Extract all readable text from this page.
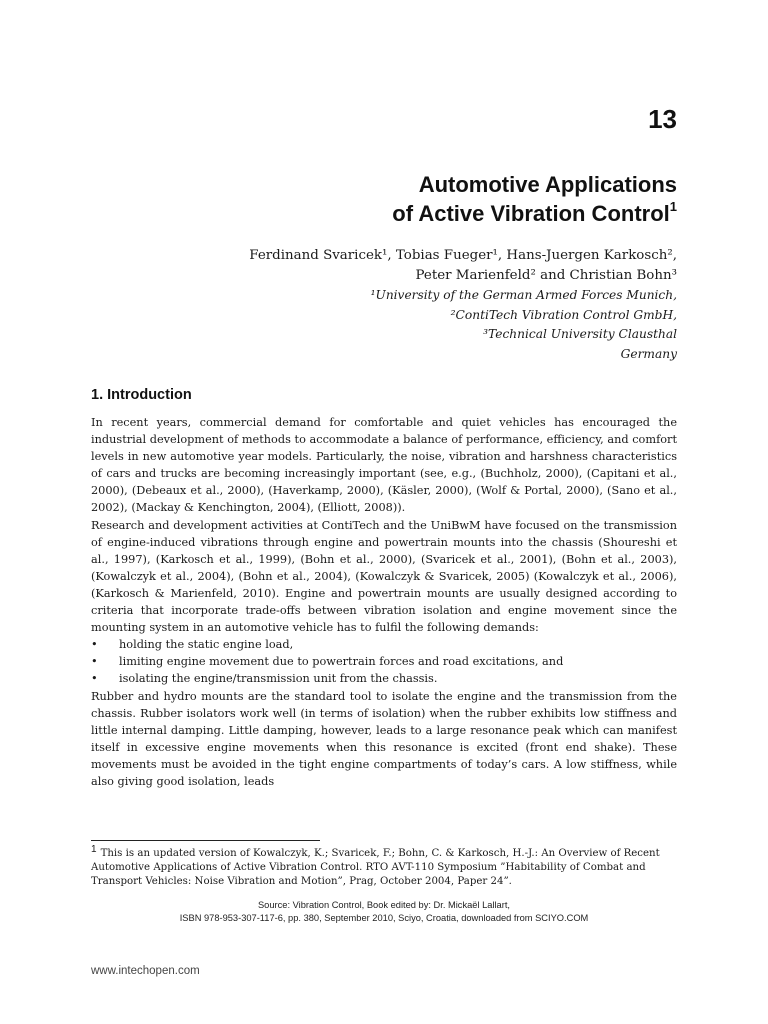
13
Automotive Applications
of Active Vibration Control$^1$
Ferdinand Svaricek¹, Tobias Fueger¹, Hans-Juergen Karkosch²,
Peter Marienfeld² and Christian Bohn³
¹University of the German Armed Forces Munich,
²ContiTech Vibration Control GmbH,
³Technical University Clausthal
Germany
1. Introduction

In recent years, commercial demand for comfortable and quiet vehicles has encouraged the industrial development of methods to accommodate a balance of performance, efficiency, and comfort levels in new automotive year models. Particularly, the noise, vibration and harshness characteristics of cars and trucks are becoming increasingly important (see, e.g., (Buchholz, 2000), (Capitani et al., 2000), (Debeaux et al., 2000), (Haverkamp, 2000), (Käsler, 2000), (Wolf & Portal, 2000), (Sano et al., 2002), (Mackay & Kenchington, 2004), (Elliott, 2008)).

Research and development activities at ContiTech and the UniBwM have focused on the transmission of engine-induced vibrations through engine and powertrain mounts into the chassis (Shoureshi et al., 1997), (Karkosch et al., 1999), (Bohn et al., 2000), (Svaricek et al., 2001), (Bohn et al., 2003), (Kowalczyk et al., 2004), (Bohn et al., 2004), (Kowalczyk & Svaricek, 2005) (Kowalczyk et al., 2006), (Karkosch & Marienfeld, 2010). Engine and powertrain mounts are usually designed according to criteria that incorporate trade-offs between vibration isolation and engine movement since the mounting system in an automotive vehicle has to fulfil the following demands:

• holding the static engine load,
• limiting engine movement due to powertrain forces and road excitations, and
• isolating the engine/transmission unit from the chassis.

Rubber and hydro mounts are the standard tool to isolate the engine and the transmission from the chassis. Rubber isolators work well (in terms of isolation) when the rubber exhibits low stiffness and little internal damping. Little damping, however, leads to a large resonance peak which can manifest itself in excessive engine movements when this resonance is excited (front end shake). These movements must be avoided in the tight engine compartments of today’s cars. A low stiffness, while also giving good isolation, leads

$^1$ This is an updated version of Kowalczyk, K.; Svaricek, F.; Bohn, C. & Karkosch, H.-J.: An Overview of Recent Automotive Applications of Active Vibration Control. RTO AVT-110 Symposium ”Habitability of Combat and Transport Vehicles: Noise Vibration and Motion”, Prag, October 2004, Paper 24”.
Source: Vibration Control, Book edited by: Dr. Mickaël Lallart,
ISBN 978-953-307-117-6, pp. 380, September 2010, Sciyo, Croatia, downloaded from SCIYO.COM
www.intechopen.com
